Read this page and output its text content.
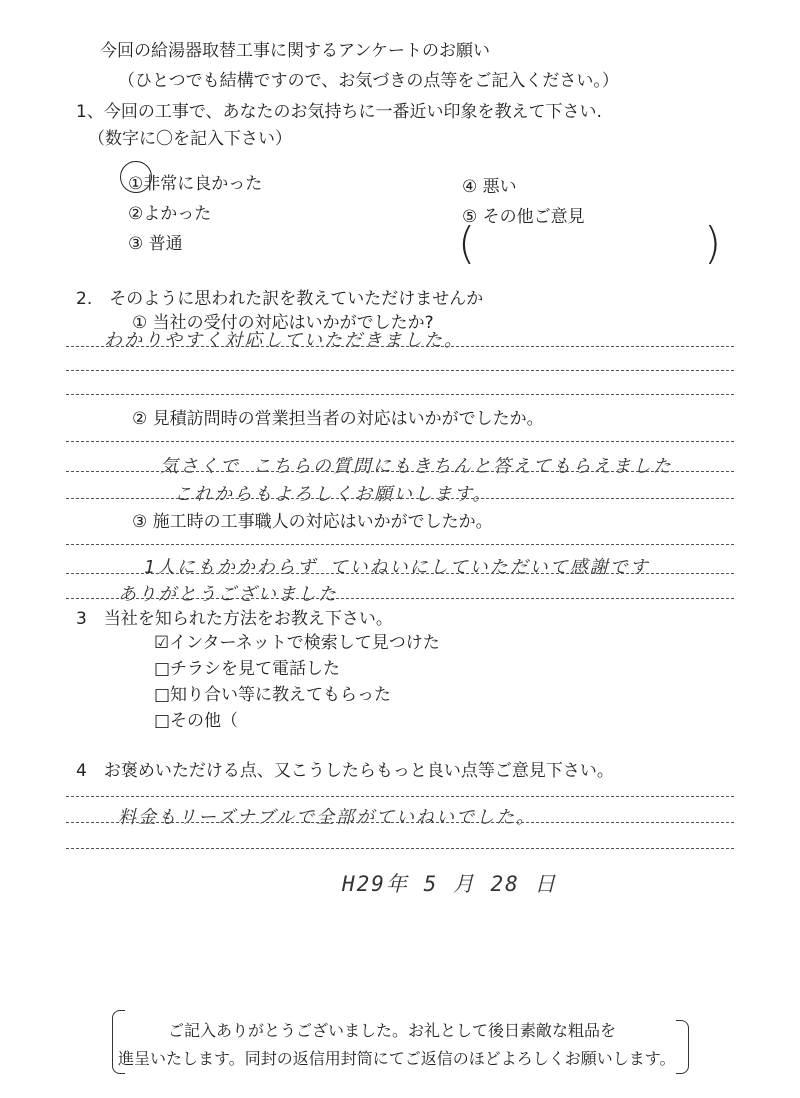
今回の給湯器取替工事に関するアンケートのお願い
（ひとつでも結構ですので、お気づきの点等をご記入ください。）
1、今回の工事で、あなたのお気持ちに一番近い印象を教えて下さい.
（数字に〇を記入下さい）
①非常に良かった
②よかった
③ 普通
④ 悪い
⑤ その他ご意見
(	)
2.　そのように思われた訳を教えていただけませんか
① 当社の受付の対応はいかがでしたか?
わかりやすく対応していただきました。
② 見積訪問時の営業担当者の対応はいかがでしたか。
気さくで こちらの質問にもきちんと答えてもらえました
これからもよろしくお願いします。
③ 施工時の工事職人の対応はいかがでしたか。
1人にもかかわらず ていねいにしていただいて感謝です
ありがとうございました
3　当社を知られた方法をお教え下さい。
☑インターネットで検索して見つけた
□チラシを見て電話した
□知り合い等に教えてもらった
□その他（
4　お褒めいただける点、又こうしたらもっと良い点等ご意見下さい。
料金もリーズナブルで全部がていねいでした。
H29年 5 月 28 日
ご記入ありがとうございました。お礼として後日素敵な粗品を
進呈いたします。同封の返信用封筒にてご返信のほどよろしくお願いします。
